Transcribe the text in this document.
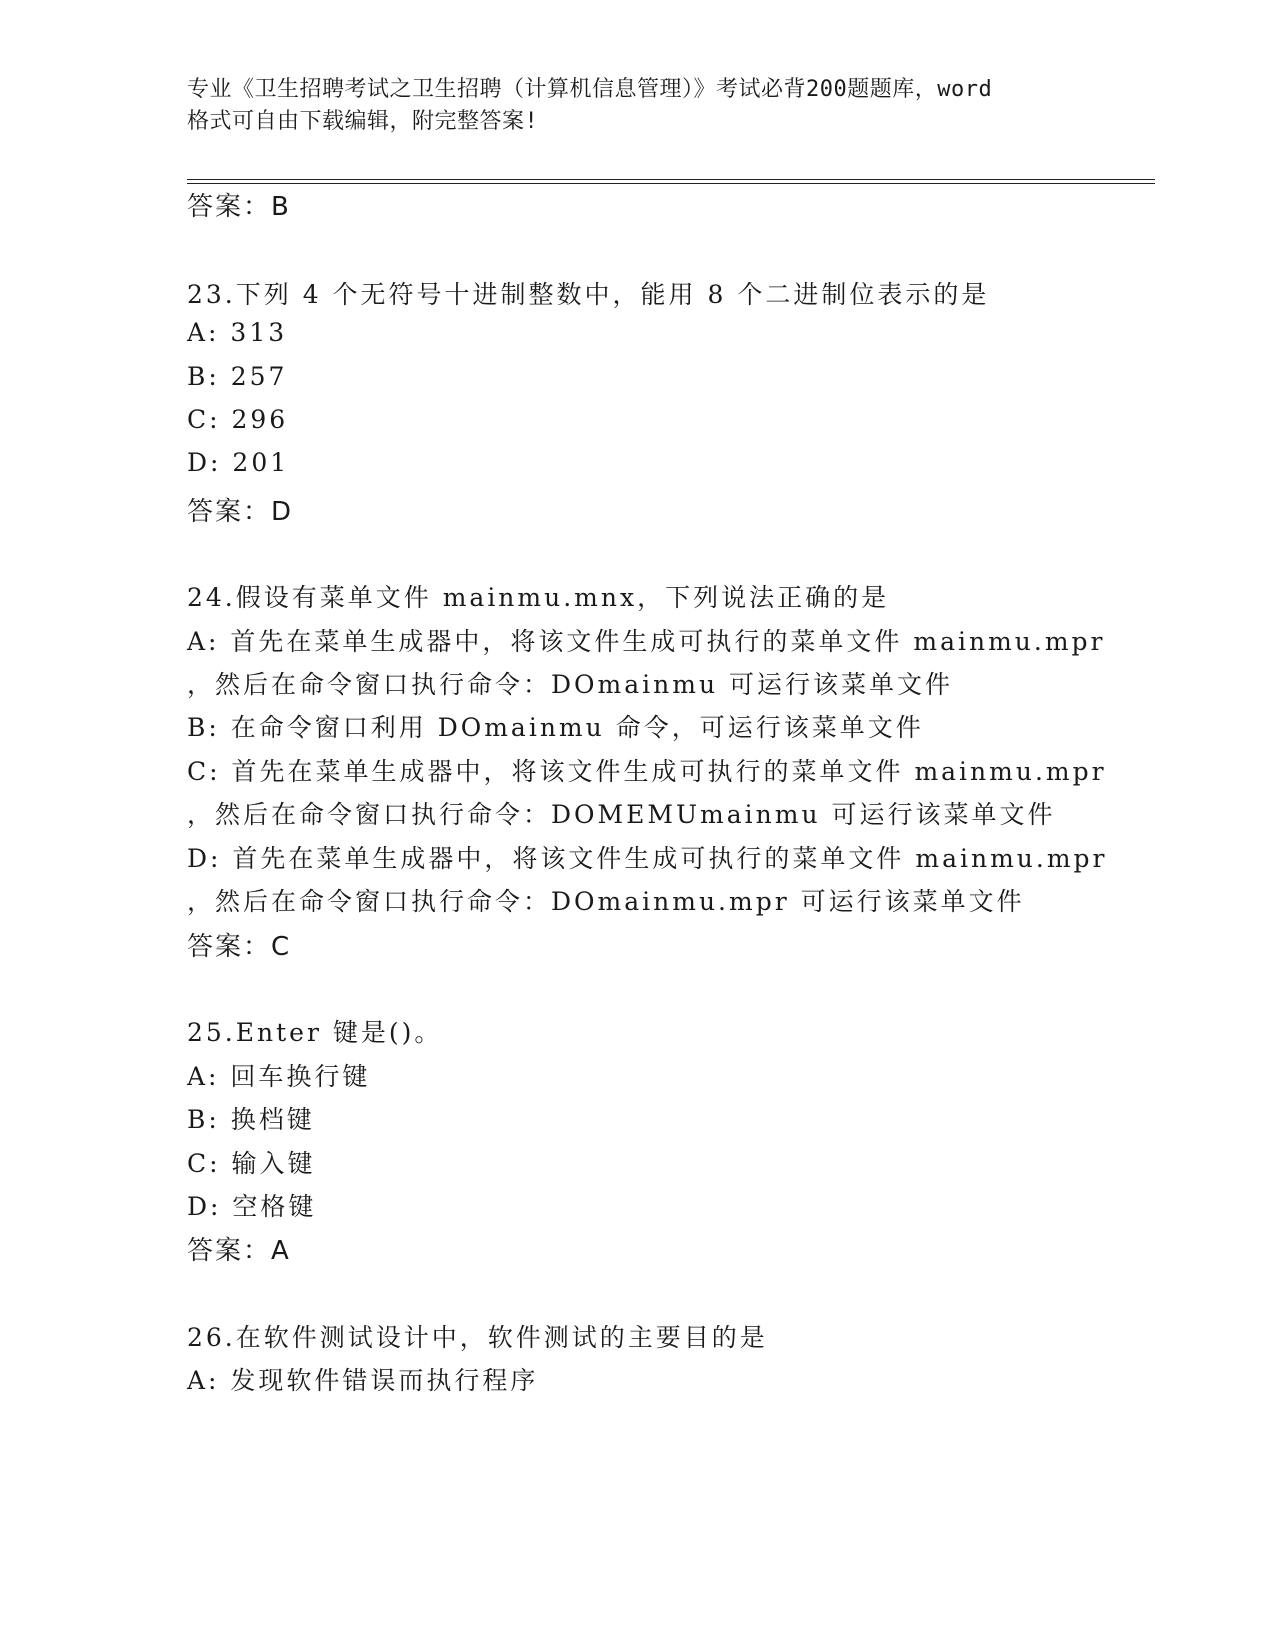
专业《卫生招聘考试之卫生招聘（计算机信息管理）》考试必背200题题库，word
格式可自由下载编辑，附完整答案!
答案：B
23.下列 4 个无符号十进制整数中，能用 8 个二进制位表示的是
A: 313
B: 257
C: 296
D: 201
答案：D
24.假设有菜单文件 mainmu.mnx，下列说法正确的是
A: 首先在菜单生成器中，将该文件生成可执行的菜单文件 mainmu.mpr
，然后在命令窗口执行命令：DOmainmu 可运行该菜单文件
B: 在命令窗口利用 DOmainmu 命令，可运行该菜单文件
C: 首先在菜单生成器中，将该文件生成可执行的菜单文件 mainmu.mpr
，然后在命令窗口执行命令：DOMEMUmainmu 可运行该菜单文件
D: 首先在菜单生成器中，将该文件生成可执行的菜单文件 mainmu.mpr
，然后在命令窗口执行命令：DOmainmu.mpr 可运行该菜单文件
答案：C
25.Enter 键是()。
A: 回车换行键
B: 换档键
C: 输入键
D: 空格键
答案：A
26.在软件测试设计中，软件测试的主要目的是
A: 发现软件错误而执行程序
